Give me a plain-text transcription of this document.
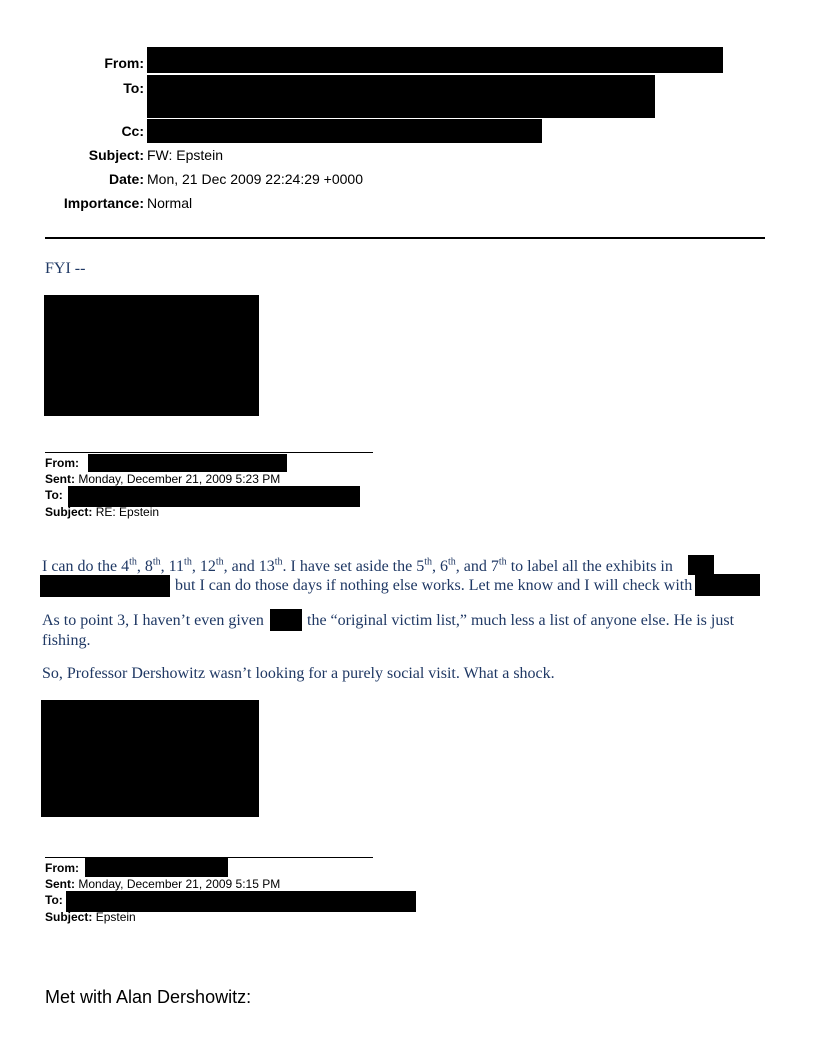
From:
To:
Cc:
Subject: FW: Epstein
Date: Mon, 21 Dec 2009 22:24:29 +0000
Importance: Normal
FYI --
From:
Sent: Monday, December 21, 2009 5:23 PM
To:
Subject: RE: Epstein
I can do the 4th, 8th, 11th, 12th, and 13th. I have set aside the 5th, 6th, and 7th to label all the exhibits in
but I can do those days if nothing else works. Let me know and I will check with
As to point 3, I haven’t even given	the “original victim list,” much less a list of anyone else. He is just
fishing.
So, Professor Dershowitz wasn’t looking for a purely social visit. What a shock.
From:
Sent: Monday, December 21, 2009 5:15 PM
To:
Subject: Epstein
Met with Alan Dershowitz:
